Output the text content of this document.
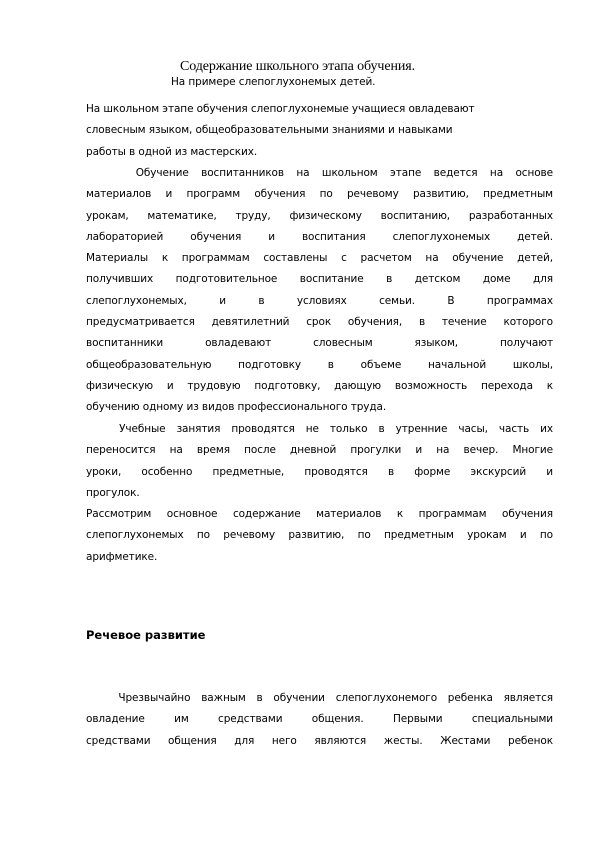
Содержание школьного этапа обучения.
На примере слепоглухонемых детей.
На школьном этапе обучения слепоглухонемые учащиеся овладевают
словесным языком, общеобразовательными знаниями и навыками
работы в одной из мастерских.
Обучение воспитанников на школьном этапе ведется на основе
материалов и программ обучения по речевому развитию, предметным
урокам, математике, труду, физическому воспитанию, разработанных
лабораторией обучения и воспитания слепоглухонемых детей.
Материалы к программам составлены с расчетом на обучение детей,
получивших подготовительное воспитание в детском доме для
слепоглухонемых, и в условиях семьи. В программах
предусматривается девятилетний срок обучения, в течение которого
воспитанники овладевают словесным языком, получают
общеобразовательную подготовку в объеме начальной школы,
физическую и трудовую подготовку, дающую возможность перехода к
обучению одному из видов профессионального труда.
Учебные занятия проводятся не только в утренние часы, часть их
переносится на время после дневной прогулки и на вечер. Многие
уроки, особенно предметные, проводятся в форме экскурсий и
прогулок.
Рассмотрим основное содержание материалов к программам обучения
слепоглухонемых по речевому развитию, по предметным урокам и по
арифметике.
Речевое развитие
Чрезвычайно важным в обучении слепоглухонемого ребенка является
овладение им средствами общения. Первыми специальными
средствами общения для него являются жесты. Жестами ребенок
